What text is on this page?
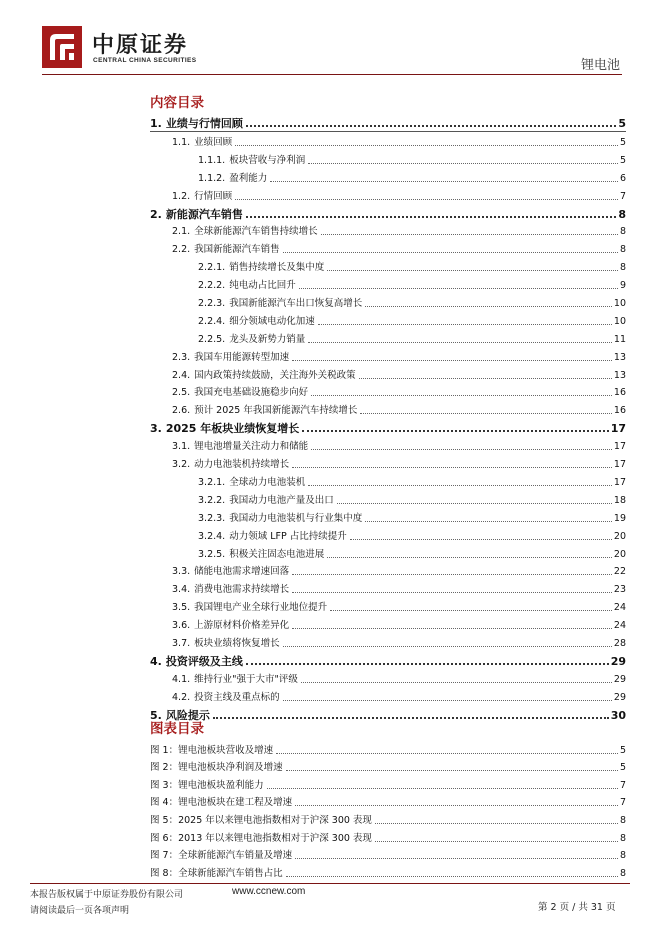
中原证券
CENTRAL CHINA SECURITIES	锂电池
内容目录
1. 业绩与行情回顾	5
1.1. 业绩回顾	5
1.1.1. 板块营收与净利润	5
1.1.2. 盈利能力	6
1.2. 行情回顾	7
2. 新能源汽车销售	8
2.1. 全球新能源汽车销售持续增长	8
2.2. 我国新能源汽车销售	8
2.2.1. 销售持续增长及集中度	8
2.2.2. 纯电动占比回升	9
2.2.3. 我国新能源汽车出口恢复高增长	10
2.2.4. 细分领域电动化加速	10
2.2.5. 龙头及新势力销量	11
2.3. 我国车用能源转型加速	13
2.4. 国内政策持续鼓励，关注海外关税政策	13
2.5. 我国充电基础设施稳步向好	16
2.6. 预计 2025 年我国新能源汽车持续增长	16
3. 2025 年板块业绩恢复增长	17
3.1. 锂电池增量关注动力和储能	17
3.2. 动力电池装机持续增长	17
3.2.1. 全球动力电池装机	17
3.2.2. 我国动力电池产量及出口	18
3.2.3. 我国动力电池装机与行业集中度	19
3.2.4. 动力领域 LFP 占比持续提升	20
3.2.5. 积极关注固态电池进展	20
3.3. 储能电池需求增速回落	22
3.4. 消费电池需求持续增长	23
3.5. 我国锂电产业全球行业地位提升	24
3.6. 上游原材料价格差异化	24
3.7. 板块业绩将恢复增长	28
4. 投资评级及主线	29
4.1. 维持行业"强于大市"评级	29
4.2. 投资主线及重点标的	29
5. 风险提示	30
图表目录
图 1：锂电池板块营收及增速	5
图 2：锂电池板块净利润及增速	5
图 3：锂电池板块盈利能力	7
图 4：锂电池板块在建工程及增速	7
图 5：2025 年以来锂电池指数相对于沪深 300 表现	8
图 6：2013 年以来锂电池指数相对于沪深 300 表现	8
图 7：全球新能源汽车销量及增速	8
图 8：全球新能源汽车销售占比	8
本报告版权属于中原证券股份有限公司	www.ccnew.com
请阅读最后一页各项声明	第 2 页 / 共 31 页
